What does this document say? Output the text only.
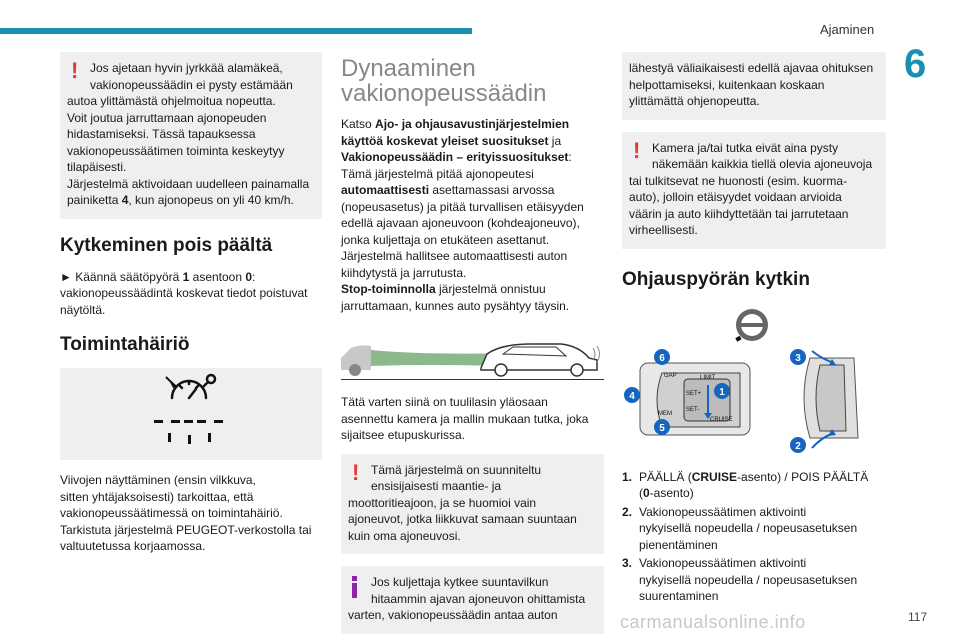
Ajaminen
6
! Jos ajetaan hyvin jyrkkää alamäkeä,
vakionopeussäädin ei pysty estämään
autoa ylittämästä ohjelmoitua nopeutta.
Voit joutua jarruttamaan ajonopeuden
hidastamiseksi. Tässä tapauksessa
vakionopeussäätimen toiminta keskeytyy
tilapäisesti.
Järjestelmä aktivoidaan uudelleen painamalla
painiketta 4, kun ajonopeus on yli 40 km/h.
Kytkeminen pois päältä

► Käännä säätöpyörä 1 asentoon 0:
vakionopeussäädintä koskevat tiedot poistuvat
näytöltä.

Toimintahäiriö

Viivojen näyttäminen (ensin vilkkuva,
sitten yhtäjaksoisesti) tarkoittaa, että
vakionopeussäätimessä on toimintahäiriö.
Tarkistuta järjestelmä PEUGEOT-verkostolla tai
valtuutetussa korjaamossa.

Dynaaminen
vakionopeussäädin

Katso Ajo- ja ohjausavustinjärjestelmien
käyttöä koskevat yleiset suositukset ja
Vakionopeussäädin – erityissuositukset:

Tämä järjestelmä pitää ajonopeutesi
automaattisesti asettamassasi arvossa
(nopeusasetus) ja pitää turvallisen etäisyyden
edellä ajavaan ajoneuvoon (kohdeajoneuvo),
jonka kuljettaja on etukäteen asettanut.
Järjestelmä hallitsee automaattisesti auton
kiihdytystä ja jarrutusta.
Stop-toiminnolla järjestelmä onnistuu
jarruttamaan, kunnes auto pysähtyy täysin.

Tätä varten siinä on tuulilasin yläosaan
asennettu kamera ja mallin mukaan tutka, joka
sijaitsee etupuskurissa.

! Tämä järjestelmä on suunniteltu
ensisijaisesti maantie- ja
moottoritieajoon, ja se huomioi vain
ajoneuvot, jotka liikkuvat samaan suuntaan
kuin oma ajoneuvosi.
Jos kuljettaja kytkee suuntavilkun
hitaammin ajavan ajoneuvon ohittamista
varten, vakionopeussäädin antaa auton
lähestyä väliaikaisesti edellä ajavaa ohituksen
helpottamiseksi, kuitenkaan koskaan
ylittämättä ohjenopeutta.
! Kamera ja/tai tutka eivät aina pysty
näkemään kaikkia tiellä olevia ajoneuvoja
tai tulkitsevat ne huonosti (esim. kuorma-
auto), jolloin etäisyydet voidaan arvioida
väärin ja auto kiihdyttetään tai jarrutetaan
virheellisesti.
Ohjauspyörän kytkin
GAP	LIMIT
SET+
SET-
MEM
CRUISE
1
2
3
4
5
6
1. PÄÄLLÄ (CRUISE-asento) / POIS PÄÄLTÄ
(0-asento)
2. Vakionopeussäätimen aktivointi
nykyisellä nopeudella / nopeusasetuksen
pienentäminen
3. Vakionopeussäätimen aktivointi
nykyisellä nopeudella / nopeusasetuksen
suurentaminen
carmanualsonline.info	117
